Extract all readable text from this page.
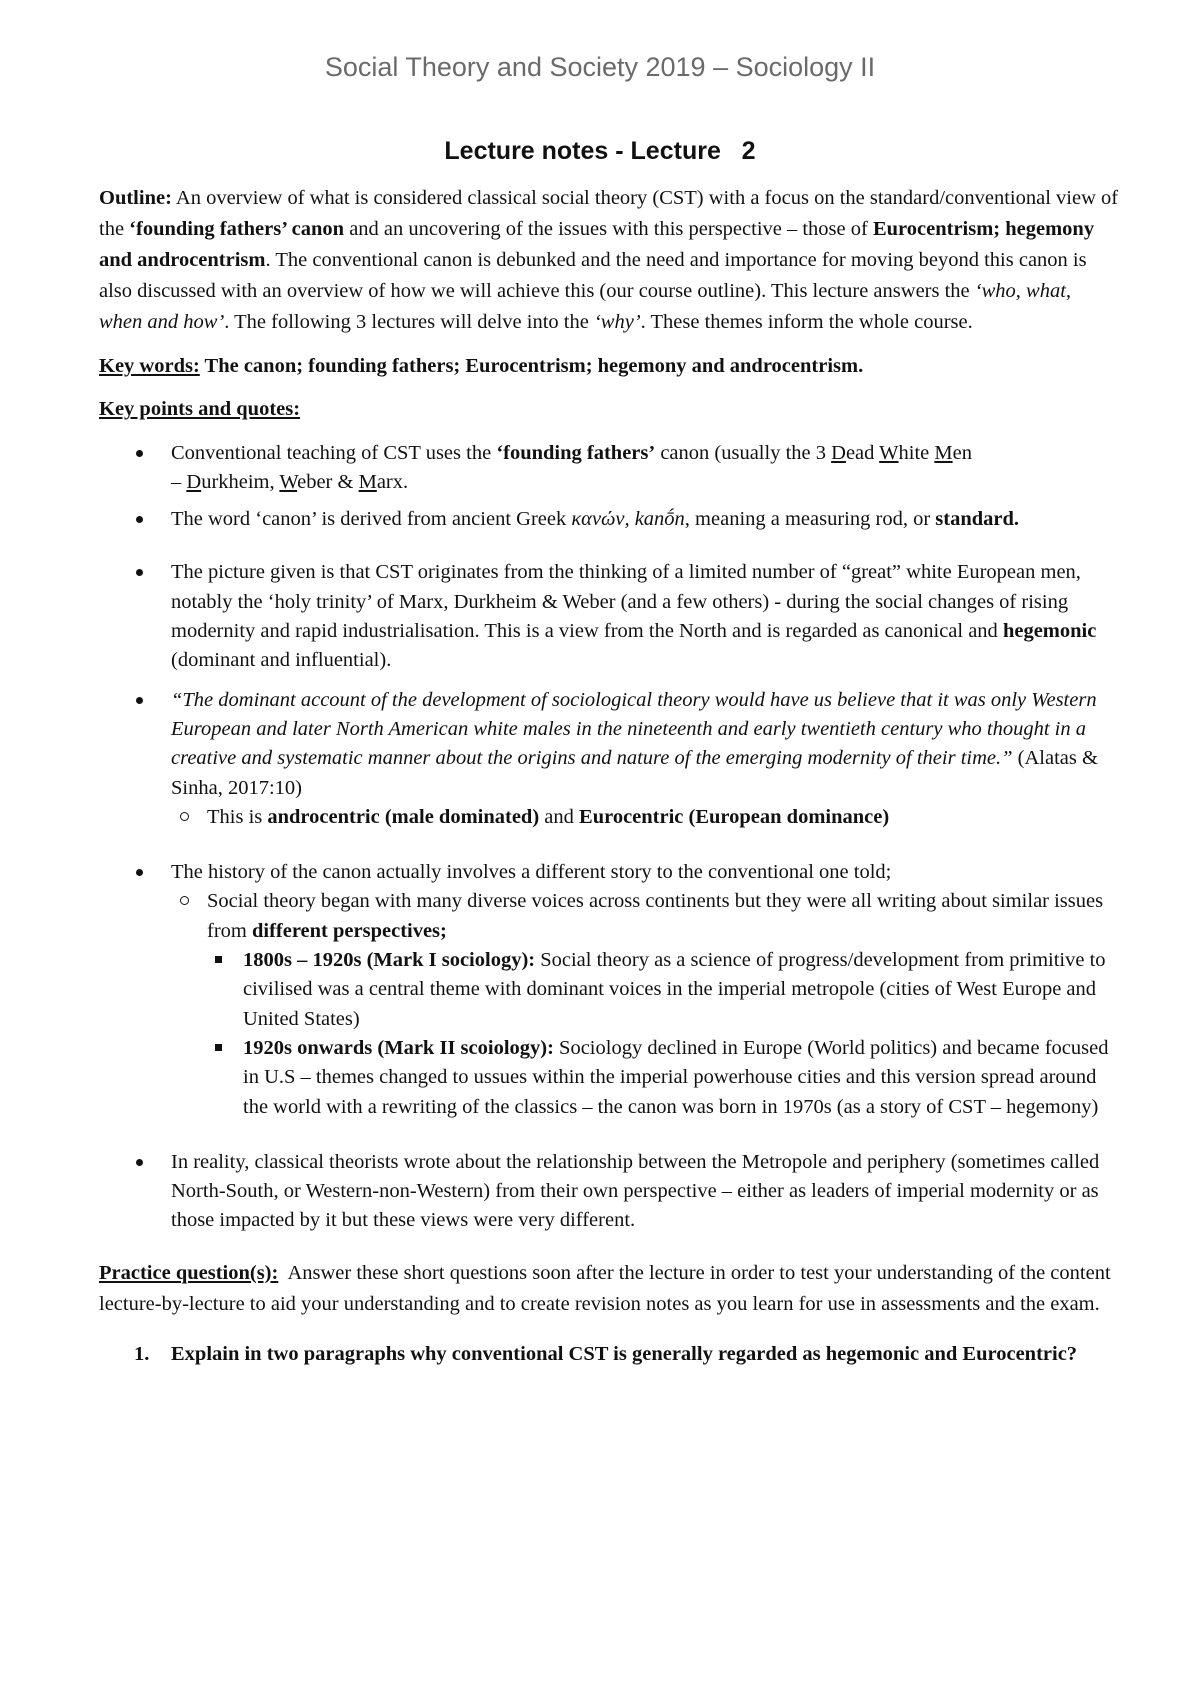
Social Theory and Society 2019 – Sociology II
Lecture notes - Lecture   2

Outline: An overview of what is considered classical social theory (CST) with a focus on the standard/conventional view of the ‘founding fathers’ canon and an uncovering of the issues with this perspective – those of Eurocentrism; hegemony and androcentrism. The conventional canon is debunked and the need and importance for moving beyond this canon is also discussed with an overview of how we will achieve this (our course outline). This lecture answers the ‘who, what, when and how’. The following 3 lectures will delve into the ‘why’. These themes inform the whole course.

Key words: The canon; founding fathers; Eurocentrism; hegemony and androcentrism.

Key points and quotes:

Conventional teaching of CST uses the ‘founding fathers’ canon (usually the 3 Dead White Men
– Durkheim, Weber & Marx.
The word ‘canon’ is derived from ancient Greek κανών, kanṓn, meaning a measuring rod, or standard.
The picture given is that CST originates from the thinking of a limited number of “great” white European men, notably the ‘holy trinity’ of Marx, Durkheim & Weber (and a few others) - during the social changes of rising modernity and rapid industrialisation. This is a view from the North and is regarded as canonical and hegemonic (dominant and influential).
“The dominant account of the development of sociological theory would have us believe that it was only Western European and later North American white males in the nineteenth and early twentieth century who thought in a creative and systematic manner about the origins and nature of the emerging modernity of their time.” (Alatas & Sinha, 2017:10)
This is androcentric (male dominated) and Eurocentric (European dominance)
The history of the canon actually involves a different story to the conventional one told;
Social theory began with many diverse voices across continents but they were all writing about similar issues from different perspectives;
1800s – 1920s (Mark I sociology): Social theory as a science of progress/development from primitive to civilised was a central theme with dominant voices in the imperial metropole (cities of West Europe and United States)
1920s onwards (Mark II scoiology): Sociology declined in Europe (World politics) and became focused in U.S – themes changed to ussues within the imperial powerhouse cities and this version spread around the world with a rewriting of the classics – the canon was born in 1970s (as a story of CST – hegemony)
In reality, classical theorists wrote about the relationship between the Metropole and periphery (sometimes called North-South, or Western-non-Western) from their own perspective – either as leaders of imperial modernity or as those impacted by it but these views were very different.

Practice question(s):  Answer these short questions soon after the lecture in order to test your understanding of the content lecture-by-lecture to aid your understanding and to create revision notes as you learn for use in assessments and the exam.

1. Explain in two paragraphs why conventional CST is generally regarded as hegemonic and Eurocentric?
